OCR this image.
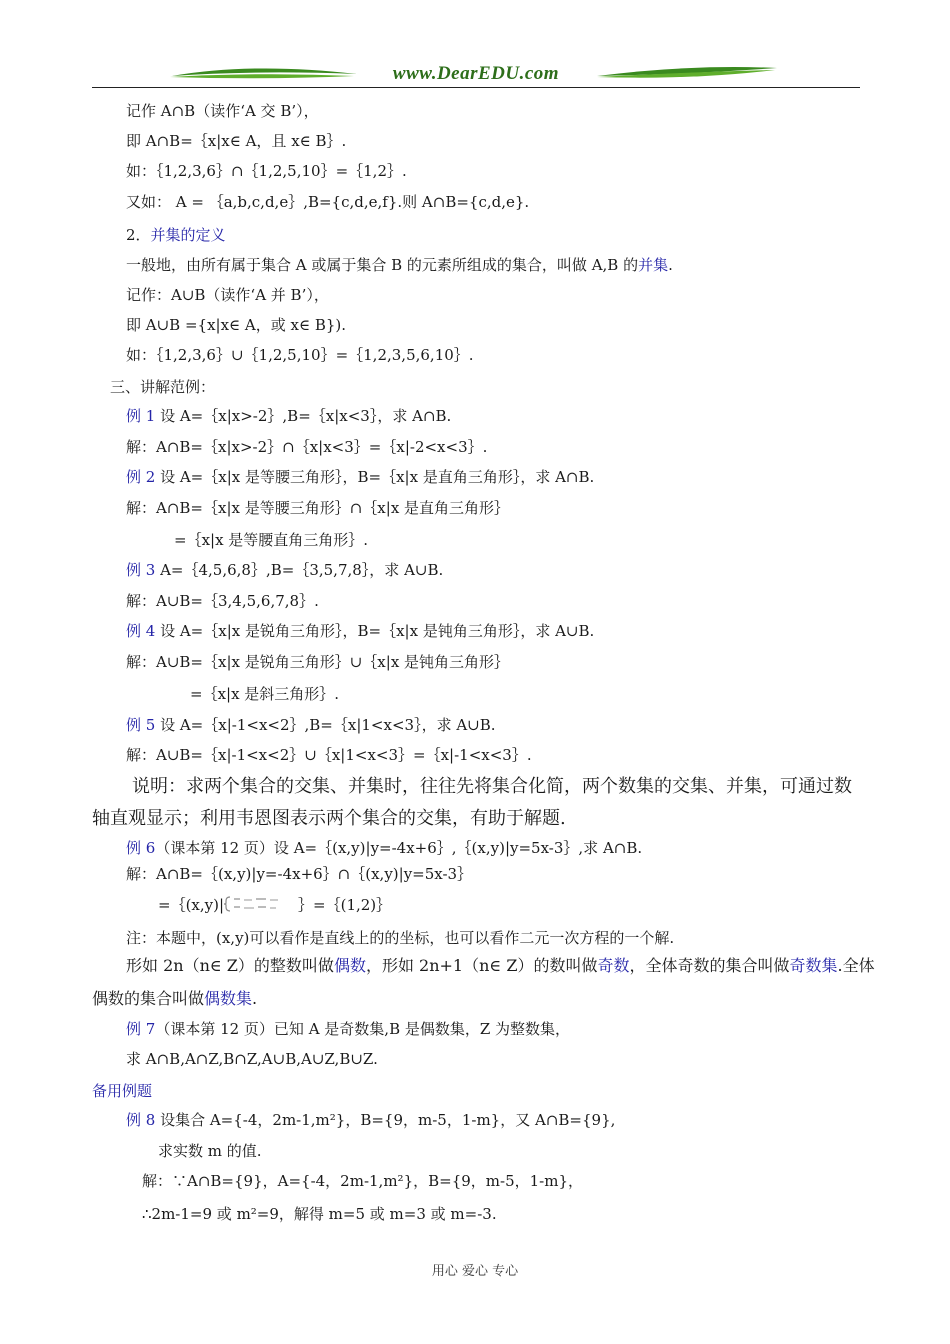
www.DearEDU.com
记作 A∩B（读作‘A 交 B’），
即 A∩B=｛x|x∈ A，且 x∈ B｝.
如：｛1,2,3,6｝∩｛1,2,5,10｝=｛1,2｝.
又如： A = ｛a,b,c,d,e｝,B={c,d,e,f}.则 A∩B={c,d,e}.
2．并集的定义
一般地，由所有属于集合 A 或属于集合 B 的元素所组成的集合，叫做 A,B 的并集.
记作：A∪B（读作‘A 并 B’），
即 A∪B ={x|x∈ A，或 x∈ B}).
如：｛1,2,3,6｝∪｛1,2,5,10｝=｛1,2,3,5,6,10｝.
三、讲解范例：
例 1 设 A=｛x|x>-2｝,B=｛x|x<3｝，求 A∩B.
解：A∩B=｛x|x>-2｝∩｛x|x<3｝=｛x|-2<x<3｝.
例 2 设 A=｛x|x 是等腰三角形｝，B=｛x|x 是直角三角形｝，求 A∩B.
解：A∩B=｛x|x 是等腰三角形｝∩｛x|x 是直角三角形｝
=｛x|x 是等腰直角三角形｝.
例 3 A=｛4,5,6,8｝,B=｛3,5,7,8｝，求 A∪B.
解：A∪B=｛3,4,5,6,7,8｝.
例 4 设 A=｛x|x 是锐角三角形｝，B=｛x|x 是钝角三角形｝，求 A∪B.
解：A∪B=｛x|x 是锐角三角形｝∪｛x|x 是钝角三角形｝
=｛x|x 是斜三角形｝.
例 5 设 A=｛x|-1<x<2｝,B=｛x|1<x<3｝，求 A∪B.
解：A∪B=｛x|-1<x<2｝∪｛x|1<x<3｝=｛x|-1<x<3｝.
说明：求两个集合的交集、并集时，往往先将集合化简，两个数集的交集、并集，可通过数
轴直观显示；利用韦恩图表示两个集合的交集，有助于解题.
例 6（课本第 12 页）设 A=｛(x,y)|y=-4x+6｝,｛(x,y)|y=5x-3｝,求 A∩B.
解：A∩B=｛(x,y)|y=-4x+6｝∩｛(x,y)|y=5x-3｝
=｛(x,y)|	｝=｛(1,2)｝
注：本题中，(x,y)可以看作是直线上的的坐标，也可以看作二元一次方程的一个解.
形如 2n（n∈ Z）的整数叫做偶数，形如 2n+1（n∈ Z）的数叫做奇数，全体奇数的集合叫做奇数集.全体
偶数的集合叫做偶数集.
例 7（课本第 12 页）已知 A 是奇数集,B 是偶数集，Z 为整数集，
求 A∩B,A∩Z,B∩Z,A∪B,A∪Z,B∪Z.
备用例题
例 8 设集合 A={-4，2m-1,m²}，B={9，m-5，1-m}，又 A∩B={9},
求实数 m 的值.
解：∵A∩B={9}，A={-4，2m-1,m²}，B={9，m-5，1-m}，
∴2m-1=9 或 m²=9，解得 m=5 或 m=3 或 m=-3.
用心 爱心 专心
